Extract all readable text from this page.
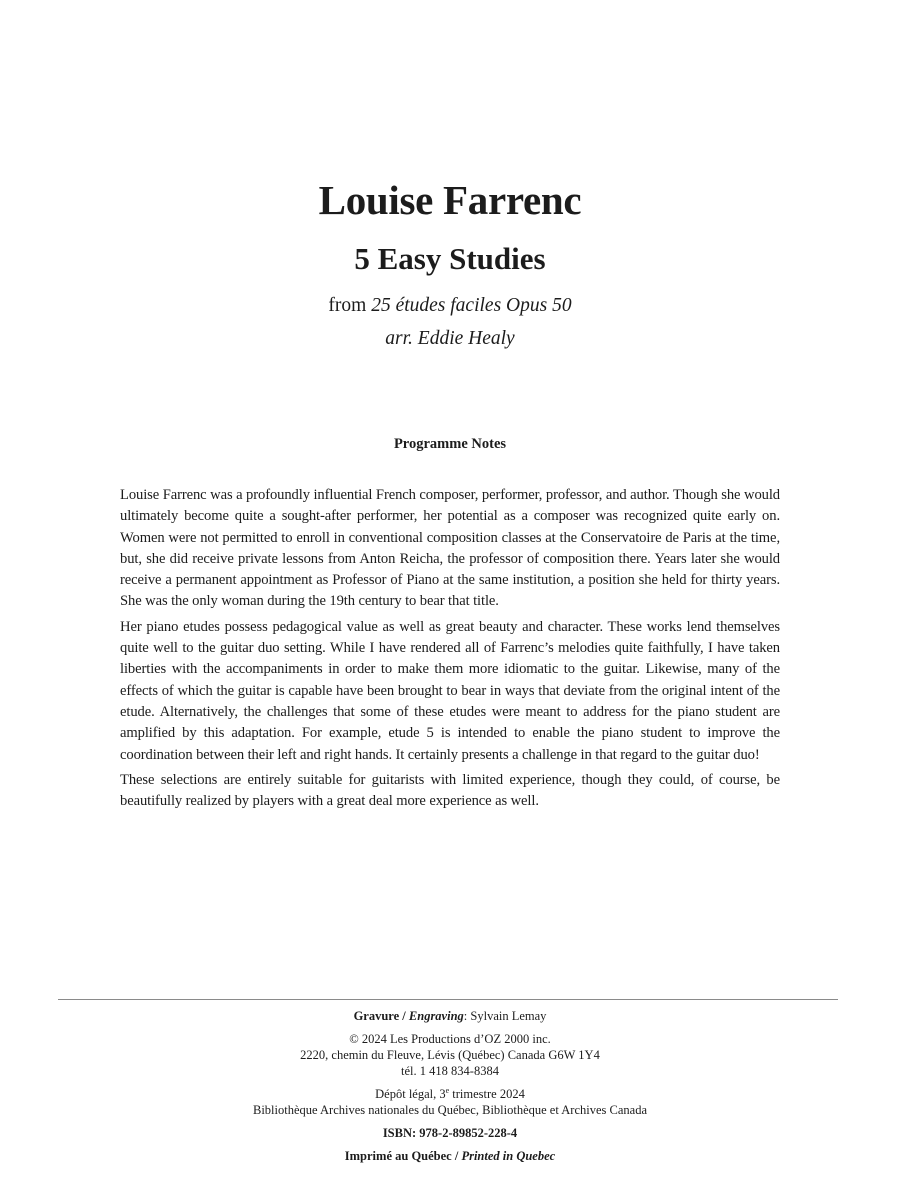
Louise Farrenc
5 Easy Studies

from 25 études faciles Opus 50

arr. Eddie Healy

Programme Notes

Louise Farrenc was a profoundly influential French composer, performer, professor, and author. Though she would ultimately become quite a sought-after performer, her potential as a composer was recognized quite early on. Women were not permitted to enroll in conventional composition classes at the Conservatoire de Paris at the time, but, she did receive private lessons from Anton Reicha, the professor of composition there. Years later she would receive a permanent appointment as Professor of Piano at the same institution, a position she held for thirty years. She was the only woman during the 19th century to bear that title.

Her piano etudes possess pedagogical value as well as great beauty and character. These works lend themselves quite well to the guitar duo setting. While I have rendered all of Farrenc’s melodies quite faithfully, I have taken liberties with the accompaniments in order to make them more idiomatic to the guitar. Likewise, many of the effects of which the guitar is capable have been brought to bear in ways that deviate from the original intent of the etude. Alternatively, the challenges that some of these etudes were meant to address for the piano student are amplified by this adaptation. For example, etude 5 is intended to enable the piano student to improve the coordination between their left and right hands. It certainly presents a challenge in that regard to the guitar duo!

These selections are entirely suitable for guitarists with limited experience, though they could, of course, be beautifully realized by players with a great deal more experience as well.

Gravure / Engraving: Sylvain Lemay
© 2024 Les Productions d’OZ 2000 inc.
2220, chemin du Fleuve, Lévis (Québec) Canada G6W 1Y4
tél. 1 418 834-8384
Dépôt légal, 3e trimestre 2024
Bibliothèque Archives nationales du Québec, Bibliothèque et Archives Canada
ISBN: 978-2-89852-228-4
Imprimé au Québec / Printed in Quebec
